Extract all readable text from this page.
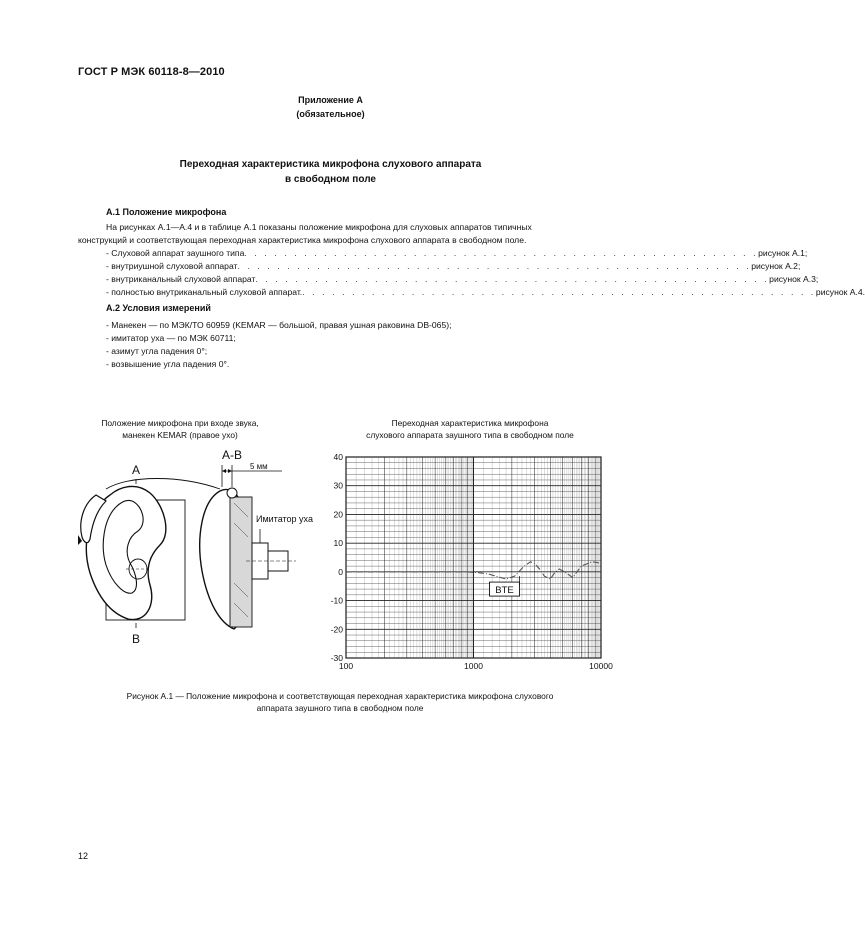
ГОСТ Р МЭК 60118-8—2010
Приложение А
(обязательное)
Переходная характеристика микрофона слухового аппарата
в свободном поле
А.1 Положение микрофона
На рисунках А.1—А.4 и в таблице А.1 показаны положение микрофона для слуховых аппаратов типичных
конструкций и соответствующая переходная характеристика микрофона слухового аппарата в свободном поле.
- Слуховой аппарат заушного типа . . . . . . . . . . . . . . . . . . . . . . . . . . . . . . . . . . . . . . . . . . . . . . . . . . . . рисунок А.1;
- внутриушной слуховой аппарат . . . . . . . . . . . . . . . . . . . . . . . . . . . . . . . . . . . . . . . . . . . . . . . . . . . . рисунок А.2;
- внутриканальный слуховой аппарат . . . . . . . . . . . . . . . . . . . . . . . . . . . . . . . . . . . . . . . . . . . . . . . . . . . . рисунок А.3;
- полностью внутриканальный слуховой аппарат. . . . . . . . . . . . . . . . . . . . . . . . . . . . . . . . . . . . . . . . . . . . . . . . . . . . . рисунок А.4.
А.2 Условия измерений
- Манекен — по МЭК/ТО 60959 (KEMAR — большой, правая ушная раковина DB-065);
- имитатор уха — по МЭК 60711;
- азимут угла падения 0°;
- возвышение угла падения 0°.
Положение микрофона при входе звука,
манекен KEMAR (правое ухо)
Переходная характеристика микрофона
слухового аппарата заушного типа в свободном поле
А
В
А-В
5 мм
Имитатор уха
40
30
20
10
0
-10
-20
-30
100	1000	10000
BTE
Рисунок А.1 — Положение микрофона и соответствующая переходная характеристика микрофона слухового
аппарата заушного типа в свободном поле
12
